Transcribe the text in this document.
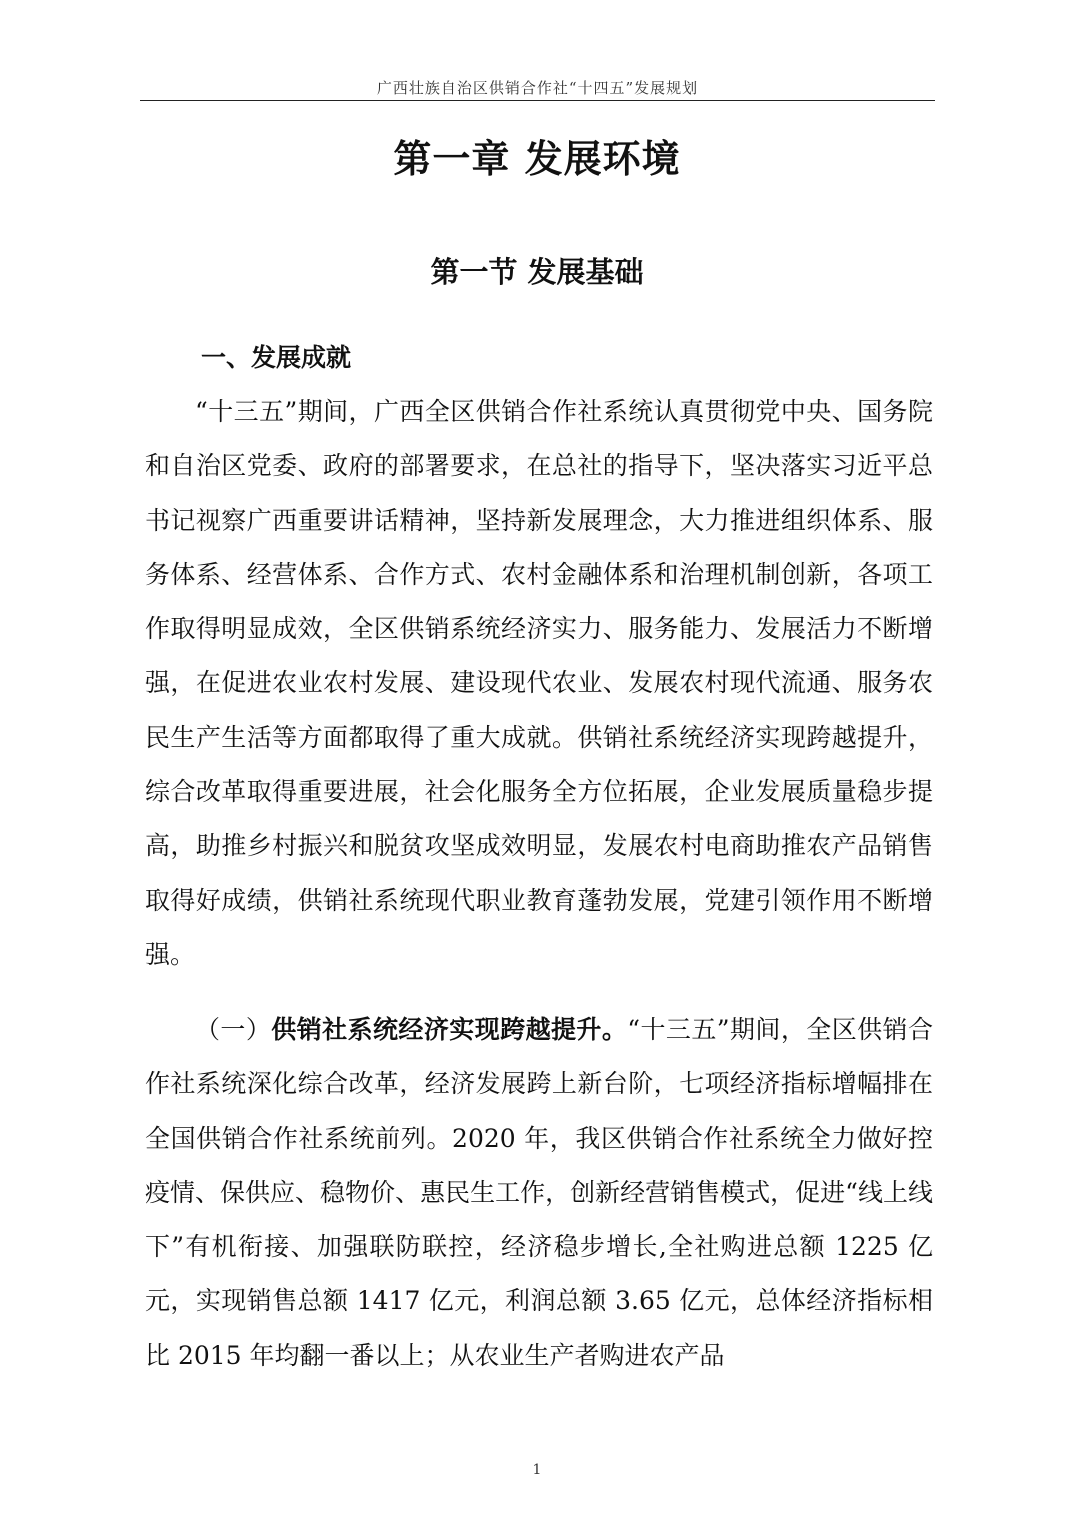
广西壮族自治区供销合作社“十四五”发展规划
第一章 发展环境
第一节 发展基础
一、发展成就

“十三五”期间，广西全区供销合作社系统认真贯彻党中央、国务院和自治区党委、政府的部署要求，在总社的指导下，坚决落实习近平总书记视察广西重要讲话精神，坚持新发展理念，大力推进组织体系、服务体系、经营体系、合作方式、农村金融体系和治理机制创新，各项工作取得明显成效，全区供销系统经济实力、服务能力、发展活力不断增强，在促进农业农村发展、建设现代农业、发展农村现代流通、服务农民生产生活等方面都取得了重大成就。供销社系统经济实现跨越提升，综合改革取得重要进展，社会化服务全方位拓展，企业发展质量稳步提高，助推乡村振兴和脱贫攻坚成效明显，发展农村电商助推农产品销售取得好成绩，供销社系统现代职业教育蓬勃发展，党建引领作用不断增强。

（一）供销社系统经济实现跨越提升。“十三五”期间，全区供销合作社系统深化综合改革，经济发展跨上新台阶，七项经济指标增幅排在全国供销合作社系统前列。2020 年，我区供销合作社系统全力做好控疫情、保供应、稳物价、惠民生工作，创新经营销售模式，促进“线上线下”有机衔接、加强联防联控，经济稳步增长,全社购进总额 1225 亿元，实现销售总额 1417 亿元，利润总额 3.65 亿元，总体经济指标相比 2015 年均翻一番以上；从农业生产者购进农产品

1
